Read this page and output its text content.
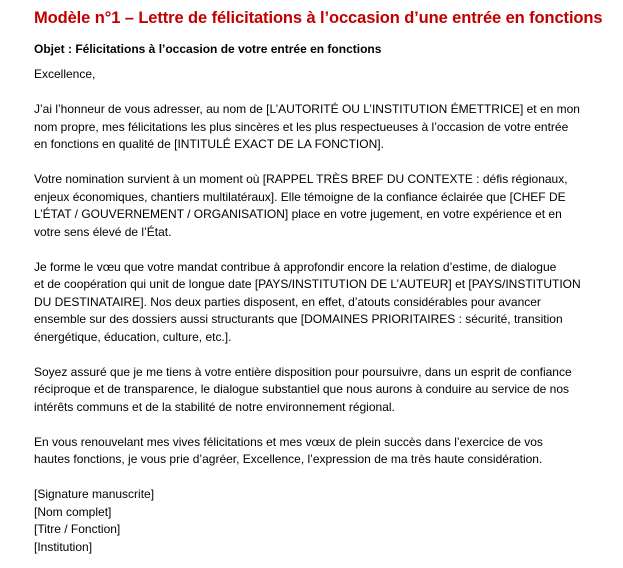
Modèle n°1 – Lettre de félicitations à l’occasion d’une entrée en fonctions
Objet : Félicitations à l’occasion de votre entrée en fonctions
Excellence,
J’ai l’honneur de vous adresser, au nom de [L’AUTORITÉ OU L’INSTITUTION ÉMETTRICE] et en mon
nom propre, mes félicitations les plus sincères et les plus respectueuses à l’occasion de votre entrée
en fonctions en qualité de [INTITULÉ EXACT DE LA FONCTION].
Votre nomination survient à un moment où [RAPPEL TRÈS BREF DU CONTEXTE : défis régionaux,
enjeux économiques, chantiers multilatéraux]. Elle témoigne de la confiance éclairée que [CHEF DE
L’ÉTAT / GOUVERNEMENT / ORGANISATION] place en votre jugement, en votre expérience et en
votre sens élevé de l’État.
Je forme le vœu que votre mandat contribue à approfondir encore la relation d’estime, de dialogue
et de coopération qui unit de longue date [PAYS/INSTITUTION DE L’AUTEUR] et [PAYS/INSTITUTION
DU DESTINATAIRE]. Nos deux parties disposent, en effet, d’atouts considérables pour avancer
ensemble sur des dossiers aussi structurants que [DOMAINES PRIORITAIRES : sécurité, transition
énergétique, éducation, culture, etc.].
Soyez assuré que je me tiens à votre entière disposition pour poursuivre, dans un esprit de confiance
réciproque et de transparence, le dialogue substantiel que nous aurons à conduire au service de nos
intérêts communs et de la stabilité de notre environnement régional.
En vous renouvelant mes vives félicitations et mes vœux de plein succès dans l’exercice de vos
hautes fonctions, je vous prie d’agréer, Excellence, l’expression de ma très haute considération.
[Signature manuscrite]
[Nom complet]
[Titre / Fonction]
[Institution]
